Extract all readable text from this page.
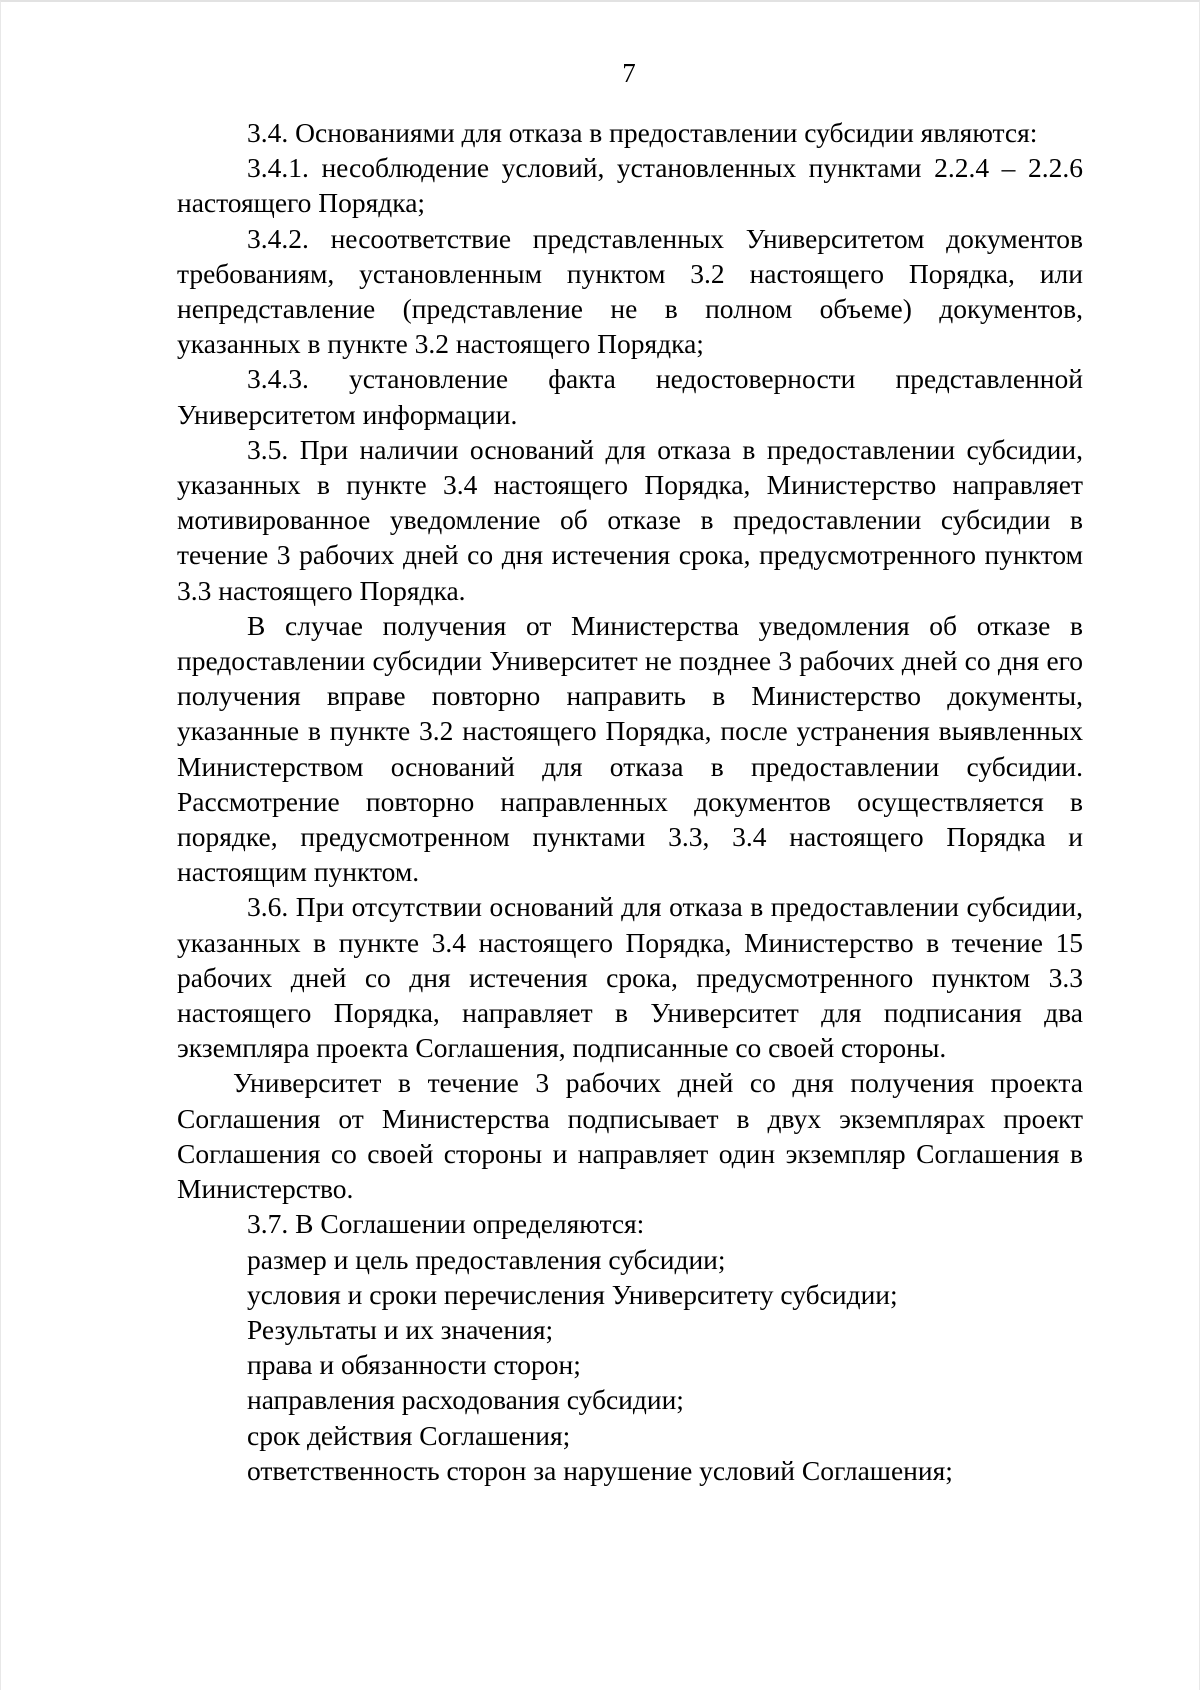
7

3.4. Основаниями для отказа в предоставлении субсидии являются:

3.4.1. несоблюдение условий, установленных пунктами 2.2.4 – 2.2.6 настоящего Порядка;

3.4.2. несоответствие представленных Университетом документов требованиям, установленным пунктом 3.2 настоящего Порядка, или непредставление (представление не в полном объеме) документов, указанных в пункте 3.2 настоящего Порядка;

3.4.3. установление факта недостоверности представленной Университетом информации.

3.5. При наличии оснований для отказа в предоставлении субсидии, указанных в пункте 3.4 настоящего Порядка, Министерство направляет мотивированное уведомление об отказе в предоставлении субсидии в течение 3 рабочих дней со дня истечения срока, предусмотренного пунктом 3.3 настоящего Порядка.

В случае получения от Министерства уведомления об отказе в предоставлении субсидии Университет не позднее 3 рабочих дней со дня его получения вправе повторно направить в Министерство документы, указанные в пункте 3.2 настоящего Порядка, после устранения выявленных Министерством оснований для отказа в предоставлении субсидии. Рассмотрение повторно направленных документов осуществляется в порядке, предусмотренном пунктами 3.3, 3.4 настоящего Порядка и настоящим пунктом.

3.6. При отсутствии оснований для отказа в предоставлении субсидии, указанных в пункте 3.4 настоящего Порядка, Министерство в течение 15 рабочих дней со дня истечения срока, предусмотренного пунктом 3.3 настоящего Порядка, направляет в Университет для подписания два экземпляра проекта Соглашения, подписанные со своей стороны.

Университет в течение 3 рабочих дней со дня получения проекта Соглашения от Министерства подписывает в двух экземплярах проект Соглашения со своей стороны и направляет один экземпляр Соглашения в Министерство.

3.7. В Соглашении определяются:

размер и цель предоставления субсидии;

условия и сроки перечисления Университету субсидии;

Результаты и их значения;

права и обязанности сторон;

направления расходования субсидии;

срок действия Соглашения;

ответственность сторон за нарушение условий Соглашения;
